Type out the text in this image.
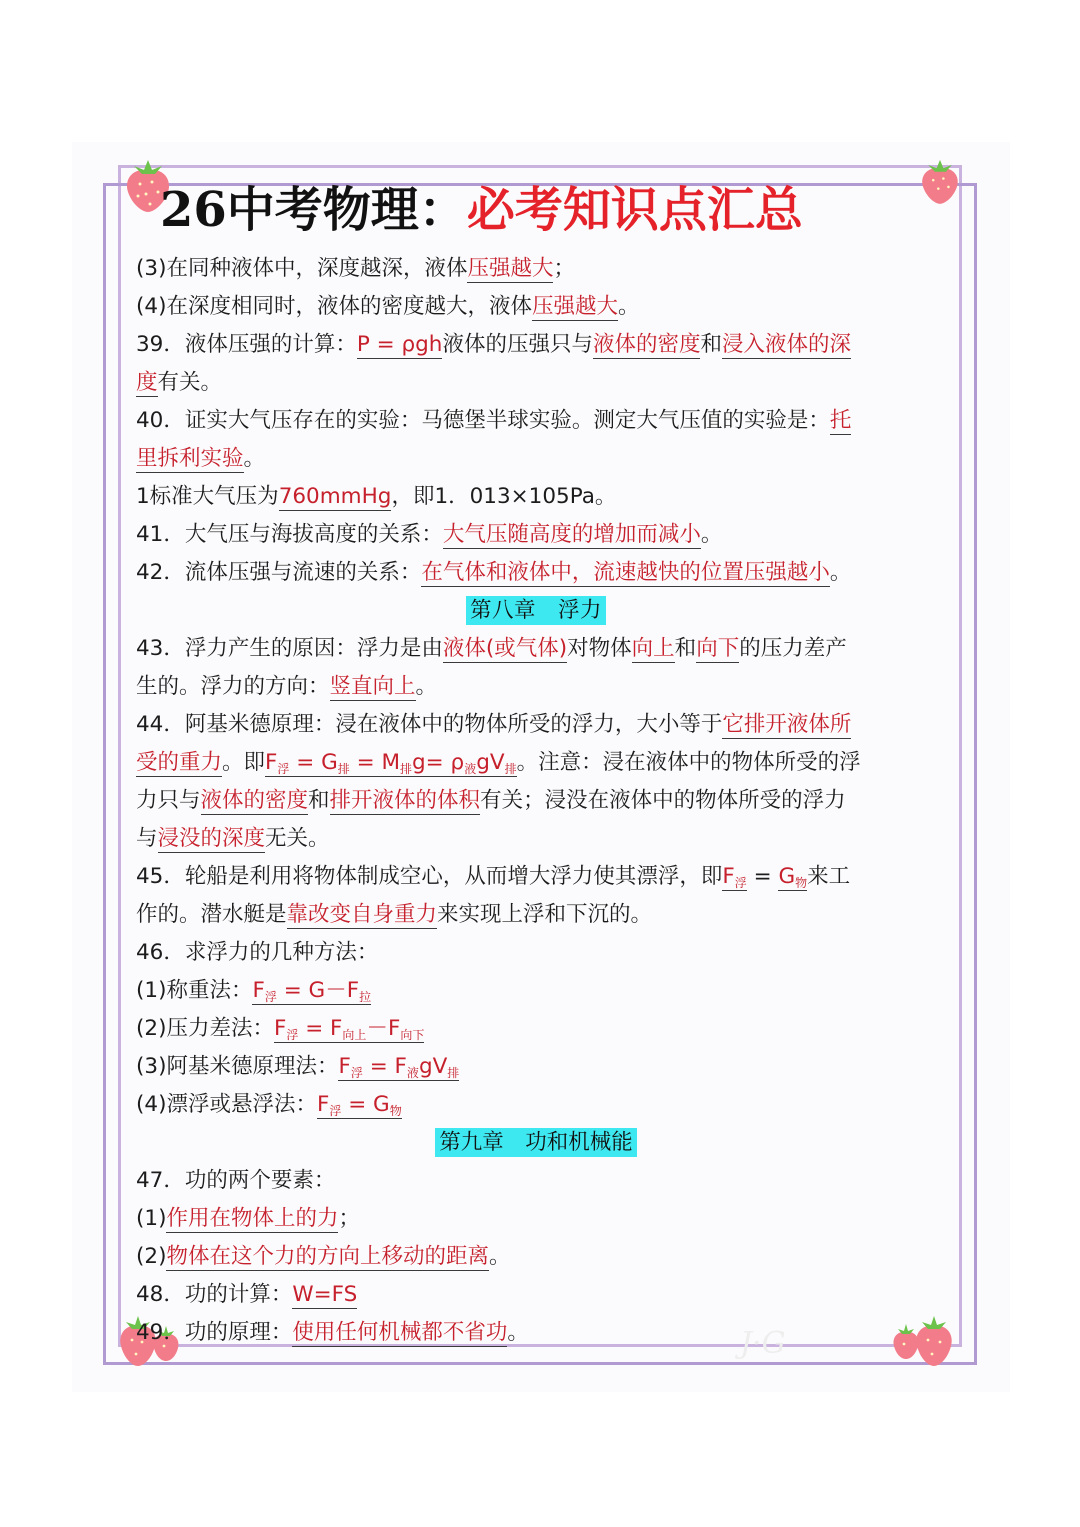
J·G
26中考物理：必考知识点汇总
(3)在同种液体中，深度越深，液体压强越大；
(4)在深度相同时，液体的密度越大，液体压强越大。
39．液体压强的计算：P = ρgh液体的压强只与液体的密度和浸入液体的深
度有关。
40．证实大气压存在的实验：马德堡半球实验。测定大气压值的实验是：托
里拆利实验。
1标准大气压为760mmHg，即1．013×105Pa。
41．大气压与海拔高度的关系：大气压随高度的增加而减小。
42．流体压强与流速的关系：在气体和液体中，流速越快的位置压强越小。
第八章　浮力
43．浮力产生的原因：浮力是由液体(或气体)对物体向上和向下的压力差产
生的。浮力的方向：竖直向上。
44．阿基米德原理：浸在液体中的物体所受的浮力，大小等于它排开液体所
受的重力。即$F_浮 = G_排 = M_排g= \rho_液gV_排$。注意：浸在液体中的物体所受的浮
力只与液体的密度和排开液体的体积有关；浸没在液体中的物体所受的浮力
与浸没的深度无关。
45．轮船是利用将物体制成空心，从而增大浮力使其漂浮，即$F_浮 = G_物$来工
作的。潜水艇是靠改变自身重力来实现上浮和下沉的。
46．求浮力的几种方法：
(1)称重法：$F_浮 = G-F_拉$
(2)压力差法：$F_浮 = F_{向上}-F_{向下}$
(3)阿基米德原理法：$F_浮 = F_液gV_排$
(4)漂浮或悬浮法：$F_浮 = G_物$
第九章　功和机械能
47．功的两个要素：
(1)作用在物体上的力；
(2)物体在这个力的方向上移动的距离。
48．功的计算：W=FS
49．功的原理：使用任何机械都不省功。
